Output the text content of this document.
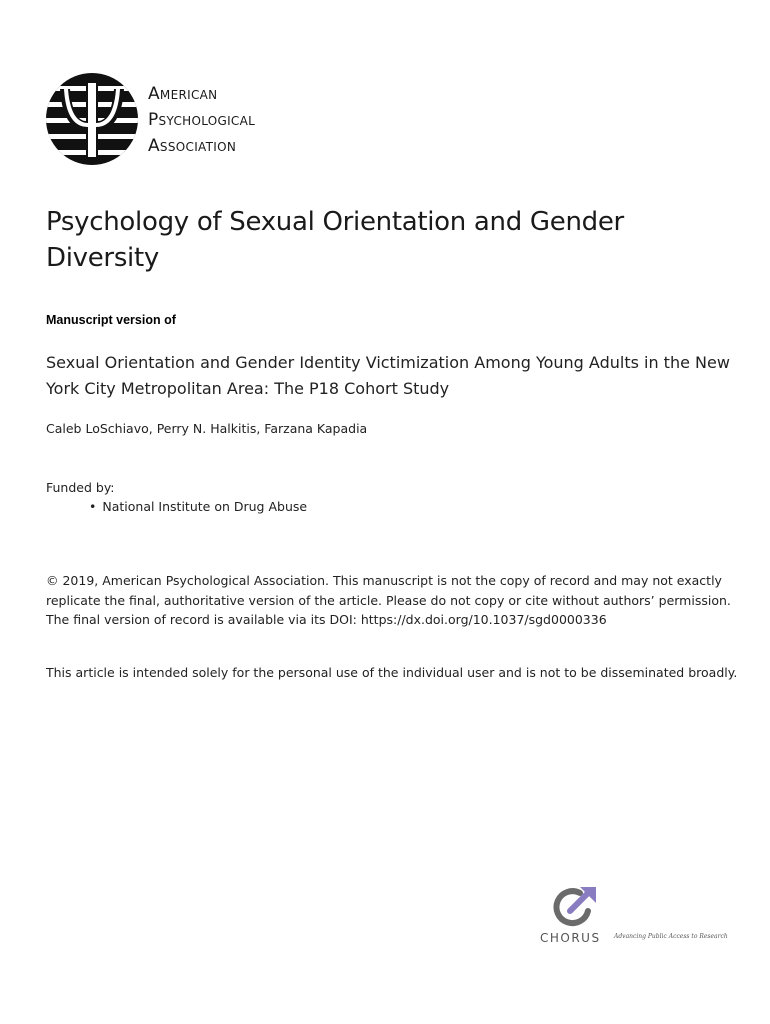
American
Psychological
Association
Psychology of Sexual Orientation and Gender Diversity
Manuscript version of
Sexual Orientation and Gender Identity Victimization Among Young Adults in the New York City Metropolitan Area: The P18 Cohort Study
Caleb LoSchiavo, Perry N. Halkitis, Farzana Kapadia
Funded by:
• National Institute on Drug Abuse

© 2019, American Psychological Association. This manuscript is not the copy of record and may not exactly

replicate the final, authoritative version of the article. Please do not copy or cite without authors’ permission.

The final version of record is available via its DOI: https://dx.doi.org/10.1037/sgd0000336

This article is intended solely for the personal use of the individual user and is not to be disseminated broadly.
CHORUS Advancing Public Access to Research
